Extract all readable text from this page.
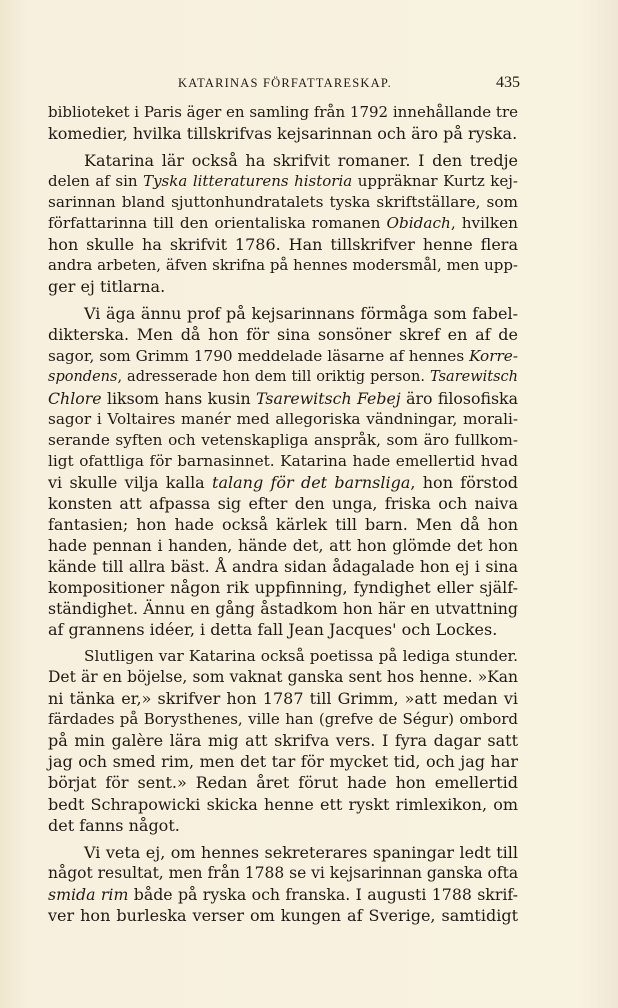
KATARINAS FÖRFATTARESKAP.	435
biblioteket i Paris äger en samling från 1792 innehållande tre
komedier, hvilka tillskrifvas kejsarinnan och äro på ryska.
Katarina lär också ha skrifvit romaner. I den tredje
delen af sin Tyska litteraturens historia uppräknar Kurtz kej-
sarinnan bland sjuttonhundratalets tyska skriftställare, som
författarinna till den orientaliska romanen Obidach, hvilken
hon skulle ha skrifvit 1786. Han tillskrifver henne flera
andra arbeten, äfven skrifna på hennes modersmål, men upp-
ger ej titlarna.
Vi äga ännu prof på kejsarinnans förmåga som fabel-
dikterska. Men då hon för sina sonsöner skref en af de
sagor, som Grimm 1790 meddelade läsarne af hennes Korre-
spondens, adresserade hon dem till oriktig person. Tsarewitsch
Chlore liksom hans kusin Tsarewitsch Febej äro filosofiska
sagor i Voltaires manér med allegoriska vändningar, morali-
serande syften och vetenskapliga anspråk, som äro fullkom-
ligt ofattliga för barnasinnet. Katarina hade emellertid hvad
vi skulle vilja kalla talang för det barnsliga, hon förstod
konsten att afpassa sig efter den unga, friska och naiva
fantasien; hon hade också kärlek till barn. Men då hon
hade pennan i handen, hände det, att hon glömde det hon
kände till allra bäst. Å andra sidan ådagalade hon ej i sina
kompositioner någon rik uppfinning, fyndighet eller själf-
ständighet. Ännu en gång åstadkom hon här en utvattning
af grannens idéer, i detta fall Jean Jacques' och Lockes.
Slutligen var Katarina också poetissa på lediga stunder.
Det är en böjelse, som vaknat ganska sent hos henne. »Kan
ni tänka er,» skrifver hon 1787 till Grimm, »att medan vi
färdades på Borysthenes, ville han (grefve de Ségur) ombord
på min galère lära mig att skrifva vers. I fyra dagar satt
jag och smed rim, men det tar för mycket tid, och jag har
börjat för sent.» Redan året förut hade hon emellertid
bedt Schrapowicki skicka henne ett ryskt rimlexikon, om
det fanns något.
Vi veta ej, om hennes sekreterares spaningar ledt till
något resultat, men från 1788 se vi kejsarinnan ganska ofta
smida rim både på ryska och franska. I augusti 1788 skrif-
ver hon burleska verser om kungen af Sverige, samtidigt
